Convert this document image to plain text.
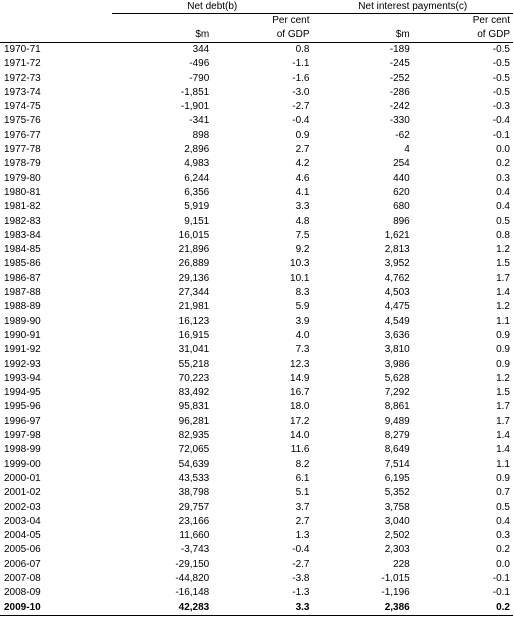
	Net debt(b)		Net interest payments(c)	
		Per cent		Per cent
	$m	of GDP	$m	of GDP
1970-71	344	0.8	-189	-0.5
1971-72	-496	-1.1	-245	-0.5
1972-73	-790	-1.6	-252	-0.5
1973-74	-1,851	-3.0	-286	-0.5
1974-75	-1,901	-2.7	-242	-0.3
1975-76	-341	-0.4	-330	-0.4
1976-77	898	0.9	-62	-0.1
1977-78	2,896	2.7	4	0.0
1978-79	4,983	4.2	254	0.2
1979-80	6,244	4.6	440	0.3
1980-81	6,356	4.1	620	0.4
1981-82	5,919	3.3	680	0.4
1982-83	9,151	4.8	896	0.5
1983-84	16,015	7.5	1,621	0.8
1984-85	21,896	9.2	2,813	1.2
1985-86	26,889	10.3	3,952	1.5
1986-87	29,136	10.1	4,762	1.7
1987-88	27,344	8.3	4,503	1.4
1988-89	21,981	5.9	4,475	1.2
1989-90	16,123	3.9	4,549	1.1
1990-91	16,915	4.0	3,636	0.9
1991-92	31,041	7.3	3,810	0.9
1992-93	55,218	12.3	3,986	0.9
1993-94	70,223	14.9	5,628	1.2
1994-95	83,492	16.7	7,292	1.5
1995-96	95,831	18.0	8,861	1.7
1996-97	96,281	17.2	9,489	1.7
1997-98	82,935	14.0	8,279	1.4
1998-99	72,065	11.6	8,649	1.4
1999-00	54,639	8.2	7,514	1.1
2000-01	43,533	6.1	6,195	0.9
2001-02	38,798	5.1	5,352	0.7
2002-03	29,757	3.7	3,758	0.5
2003-04	23,166	2.7	3,040	0.4
2004-05	11,660	1.3	2,502	0.3
2005-06	-3,743	-0.4	2,303	0.2
2006-07	-29,150	-2.7	228	0.0
2007-08	-44,820	-3.8	-1,015	-0.1
2008-09	-16,148	-1.3	-1,196	-0.1
2009-10	42,283	3.3	2,386	0.2
